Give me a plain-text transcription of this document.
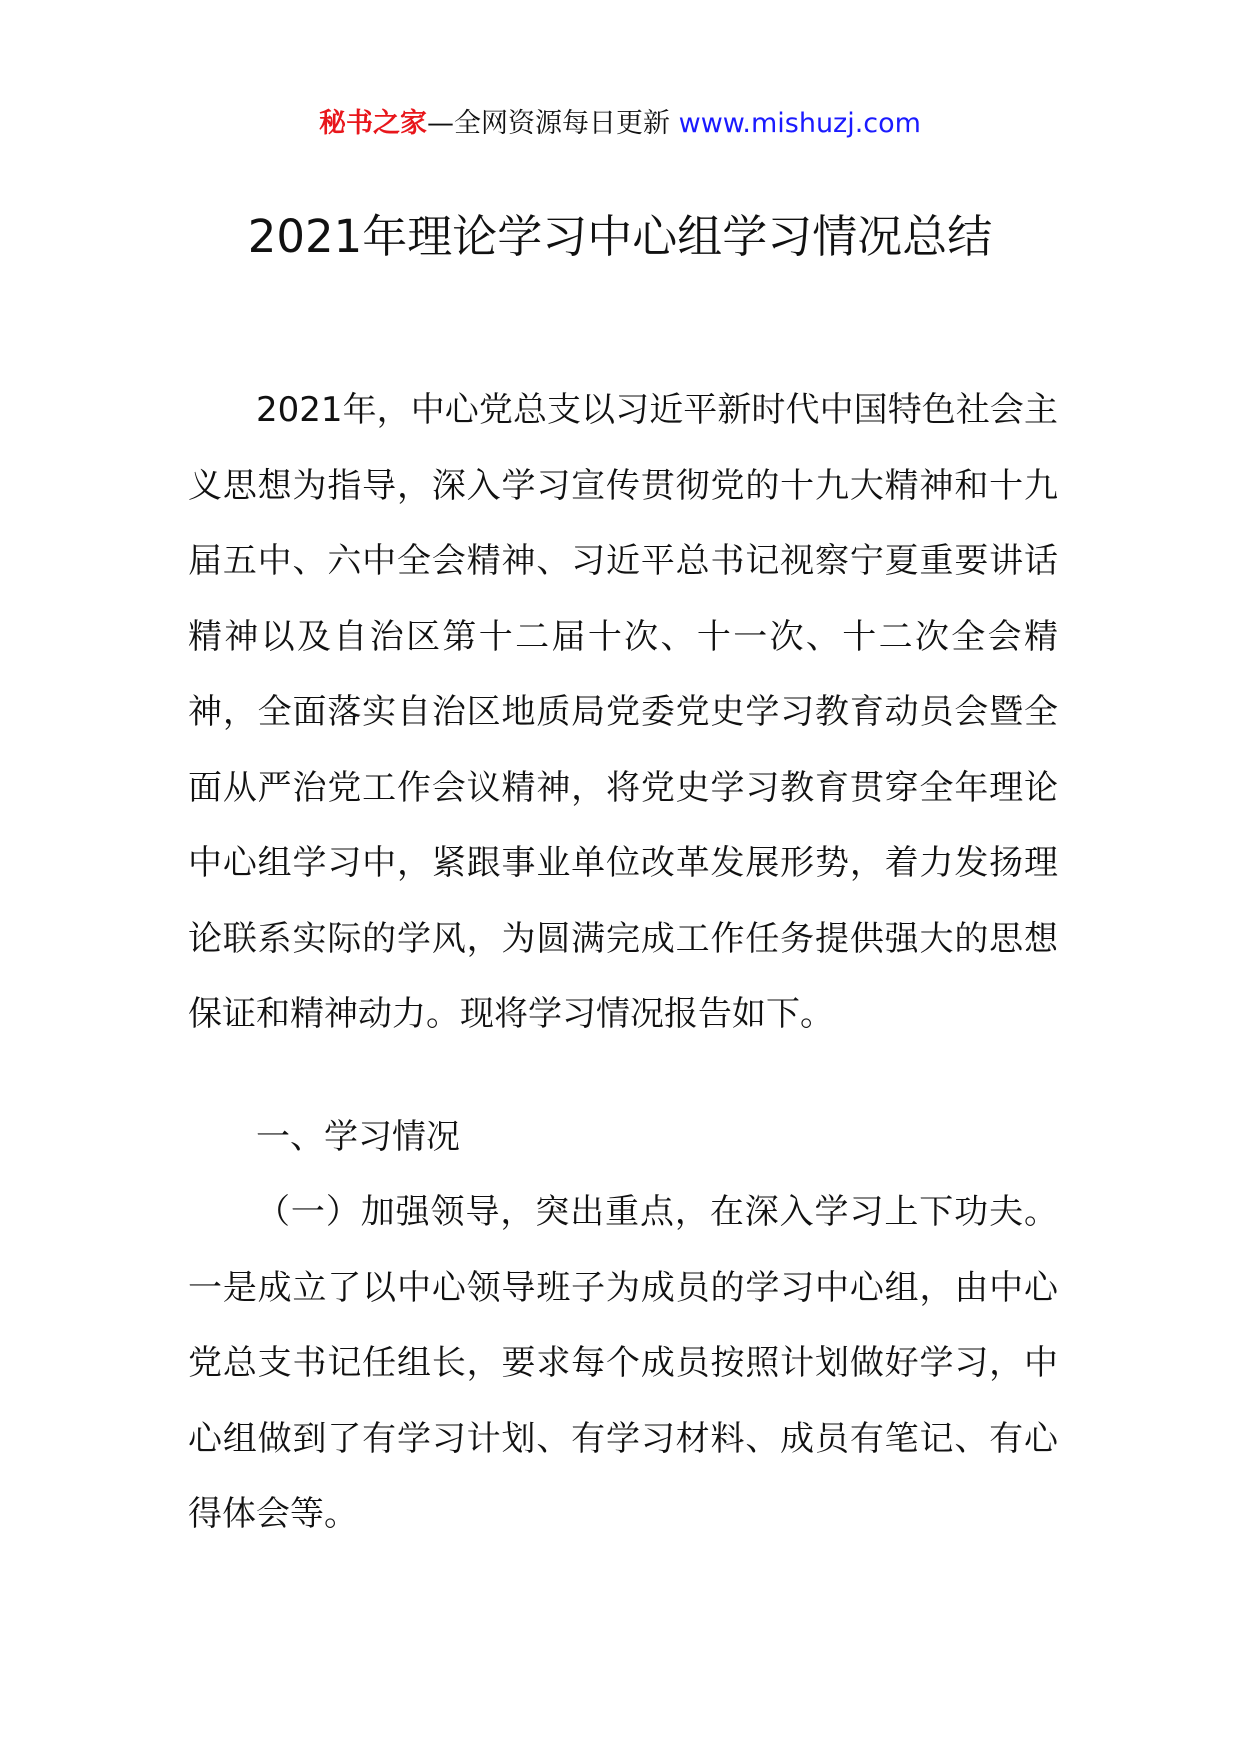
秘书之家—全网资源每日更新 www.mishuzj.com
2021年理论学习中心组学习情况总结

2021年，中心党总支以习近平新时代中国特色社会主义思想为指导，深入学习宣传贯彻党的十九大精神和十九届五中、六中全会精神、习近平总书记视察宁夏重要讲话精神以及自治区第十二届十次、十一次、十二次全会精神，全面落实自治区地质局党委党史学习教育动员会暨全面从严治党工作会议精神，将党史学习教育贯穿全年理论中心组学习中，紧跟事业单位改革发展形势，着力发扬理论联系实际的学风，为圆满完成工作任务提供强大的思想保证和精神动力。现将学习情况报告如下。

一、学习情况

（一）加强领导，突出重点，在深入学习上下功夫。一是成立了以中心领导班子为成员的学习中心组，由中心党总支书记任组长，要求每个成员按照计划做好学习，中心组做到了有学习计划、有学习材料、成员有笔记、有心得体会等。
